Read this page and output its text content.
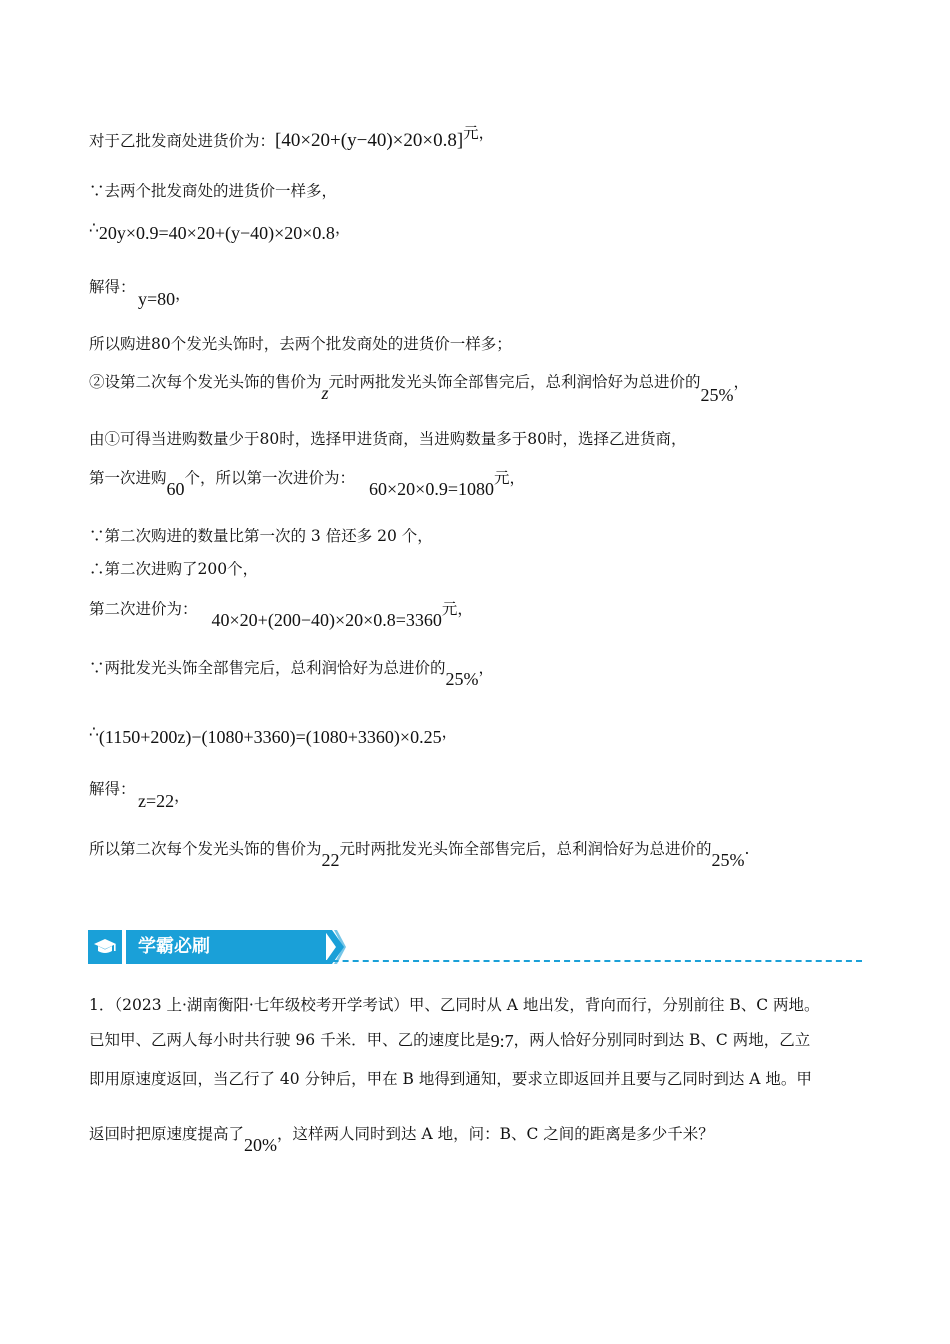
对于乙批发商处进货价为：[40×20+(y−40)×20×0.8]元，
∵去两个批发商处的进货价一样多，
∴20y×0.9=40×20+(y−40)×20×0.8，
解得：
y=80，
所以购进80个发光头饰时，去两个批发商处的进货价一样多；
②设第二次每个发光头饰的售价为z元时两批发光头饰全部售完后，总利润恰好为总进价的25%，
由①可得当进购数量少于80时，选择甲进货商，当进购数量多于80时，选择乙进货商，
第一次进购60个，所以第一次进价为：60×20×0.9=1080元，
∵第二次购进的数量比第一次的 3 倍还多 20 个，
∴第二次进购了200个，
第二次进价为：40×20+(200−40)×20×0.8=3360元，
∵两批发光头饰全部售完后，总利润恰好为总进价的25%，
∴(1150+200z)−(1080+3360)=(1080+3360)×0.25，
解得：
z=22，
所以第二次每个发光头饰的售价为22元时两批发光头饰全部售完后，总利润恰好为总进价的25%.
学霸必刷
1．（2023 上·湖南衡阳·七年级校考开学考试）甲、乙同时从 A 地出发，背向而行，分别前往 B、C 两地。
已知甲、乙两人每小时共行驶 96 千米．甲、乙的速度比是9:7，两人恰好分别同时到达 B、C 两地，乙立
即用原速度返回，当乙行了 40 分钟后，甲在 B 地得到通知，要求立即返回并且要与乙同时到达 A 地。甲
返回时把原速度提高了20%，这样两人同时到达 A 地，问：B、C 之间的距离是多少千米？
